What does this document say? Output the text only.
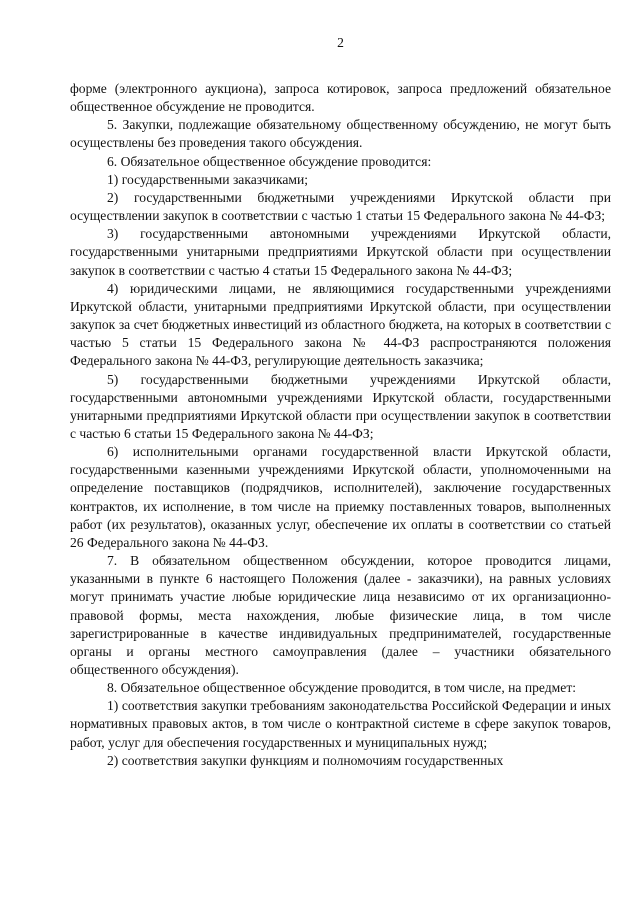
2

форме (электронного аукциона), запроса котировок, запроса предложений обязательное общественное обсуждение не проводится.

5. Закупки, подлежащие обязательному общественному обсуждению, не могут быть осуществлены без проведения такого обсуждения.

6. Обязательное общественное обсуждение проводится:

1) государственными заказчиками;

2) государственными бюджетными учреждениями Иркутской области при осуществлении закупок в соответствии с частью 1 статьи 15 Федерального закона № 44-ФЗ;

3) государственными автономными учреждениями Иркутской области, государственными унитарными предприятиями Иркутской области при осуществлении закупок в соответствии с частью 4 статьи 15 Федерального закона № 44-ФЗ;

4) юридическими лицами, не являющимися государственными учреждениями Иркутской области, унитарными предприятиями Иркутской области, при осуществлении закупок за счет бюджетных инвестиций из областного бюджета, на которых в соответствии с частью 5 статьи 15 Федерального закона № 44-ФЗ распространяются положения Федерального закона № 44-ФЗ, регулирующие деятельность заказчика;

5) государственными бюджетными учреждениями Иркутской области, государственными автономными учреждениями Иркутской области, государственными унитарными предприятиями Иркутской области при осуществлении закупок в соответствии с частью 6 статьи 15 Федерального закона № 44-ФЗ;

6) исполнительными органами государственной власти Иркутской области, государственными казенными учреждениями Иркутской области, уполномоченными на определение поставщиков (подрядчиков, исполнителей), заключение государственных контрактов, их исполнение, в том числе на приемку поставленных товаров, выполненных работ (их результатов), оказанных услуг, обеспечение их оплаты в соответствии со статьей 26 Федерального закона № 44-ФЗ.

7. В обязательном общественном обсуждении, которое проводится лицами, указанными в пункте 6 настоящего Положения (далее - заказчики), на равных условиях могут принимать участие любые юридические лица независимо от их организационно-правовой формы, места нахождения, любые физические лица, в том числе зарегистрированные в качестве индивидуальных предпринимателей, государственные органы и органы местного самоуправления (далее – участники обязательного общественного обсуждения).

8. Обязательное общественное обсуждение проводится, в том числе, на предмет:

1) соответствия закупки требованиям законодательства Российской Федерации и иных нормативных правовых актов, в том числе о контрактной системе в сфере закупок товаров, работ, услуг для обеспечения государственных и муниципальных нужд;

2) соответствия закупки функциям и полномочиям государственных
